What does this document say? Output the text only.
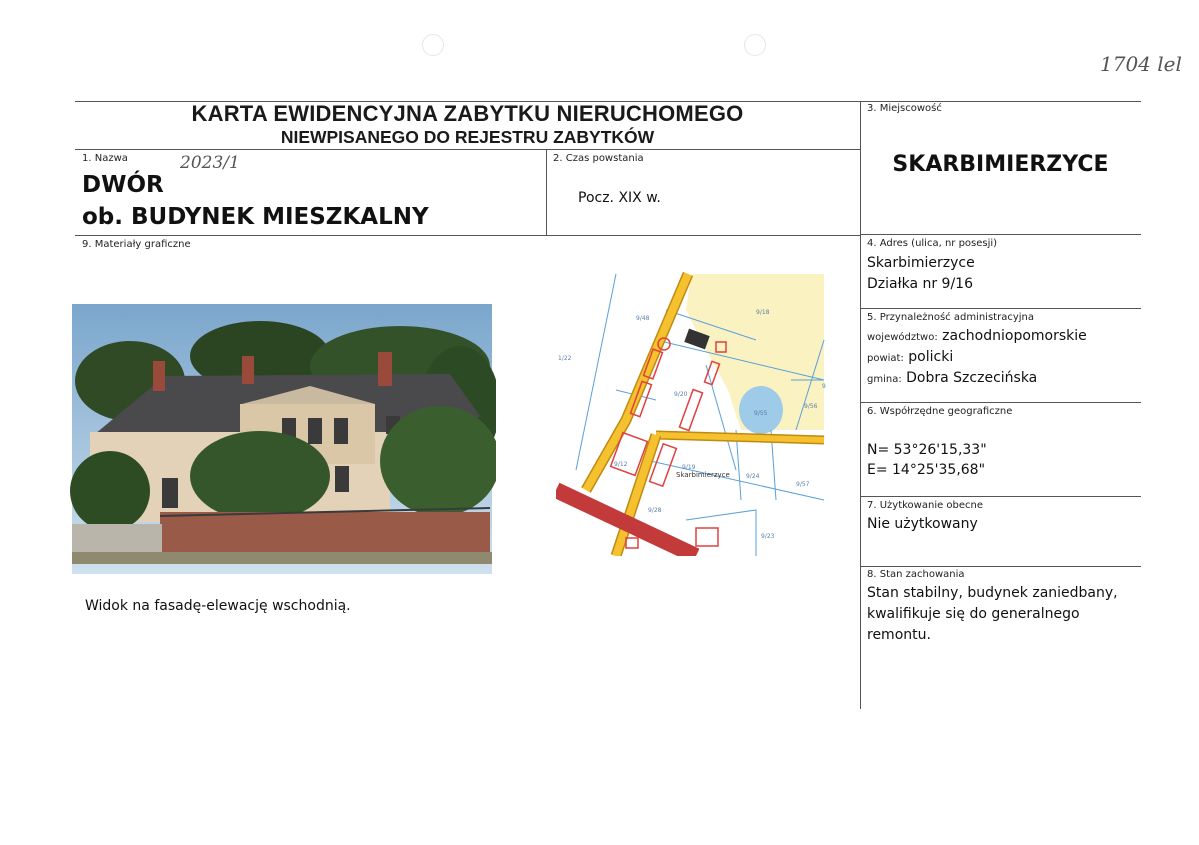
1704 lel
KARTA EWIDENCYJNA ZABYTKU NIERUCHOMEGO
NIEWPISANEGO DO REJESTRU ZABYTKÓW
1. Nazwa	2023/1
DWÓR
ob. BUDYNEK MIESZKALNY
2. Czas powstania
Pocz. XIX w.
3. Miejscowość
SKARBIMIERZYCE
4. Adres (ulica, nr posesji)
Skarbimierzyce
Działka nr 9/16
5. Przynależność administracyjna
województwo: zachodniopomorskie
powiat: policki
gmina: Dobra Szczecińska
6. Współrzędne geograficzne
N= 53°26'15,33"
E= 14°25'35,68"
7. Użytkowanie obecne
Nie użytkowany
8. Stan zachowania
Stan stabilny, budynek zaniedbany,
kwalifikuje się do generalnego
remontu.
9. Materiały graficzne
Widok na fasadę-elewację wschodnią.
9/48
9/18
1/22
9/20
9/55
9/56
9
9/19
9/12
9/24
9/57
9/28
9/23
Skarbimierzyce
